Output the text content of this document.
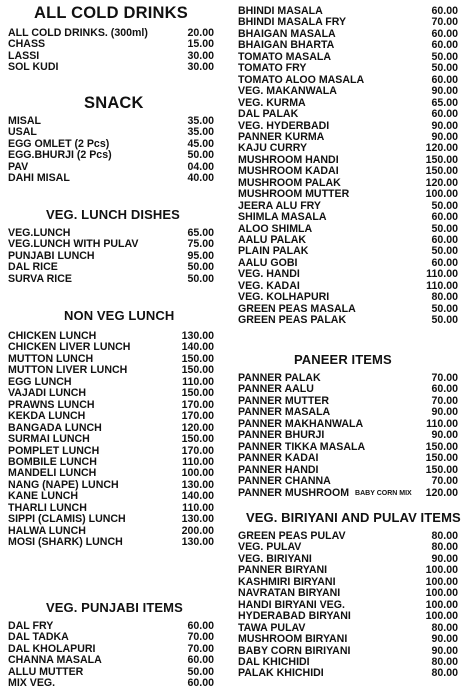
ALL COLD DRINKS
ALL COLD DRINKS. (300ml)	20.00
CHASS	15.00
LASSI	30.00
SOL KUDI	30.00
SNACK
MISAL	35.00
USAL	35.00
EGG OMLET (2 Pcs)	45.00
EGG.BHURJI (2 Pcs)	50.00
PAV	04.00
DAHI MISAL	40.00
VEG. LUNCH DISHES
VEG.LUNCH	65.00
VEG.LUNCH WITH PULAV	75.00
PUNJABI LUNCH	95.00
DAL RICE	50.00
SURVA RICE	50.00
NON VEG LUNCH
CHICKEN LUNCH	130.00
CHICKEN LIVER LUNCH	140.00
MUTTON LUNCH	150.00
MUTTON LIVER LUNCH	150.00
EGG LUNCH	110.00
VAJADI LUNCH	150.00
PRAWNS LUNCH	170.00
KEKDA LUNCH	170.00
BANGADA LUNCH	120.00
SURMAI LUNCH	150.00
POMPLET LUNCH	170.00
BOMBILE LUNCH	110.00
MANDELI LUNCH	100.00
NANG (NAPE) LUNCH	130.00
KANE LUNCH	140.00
THARLI LUNCH	110.00
SIPPI (CLAMIS) LUNCH	130.00
HALWA LUNCH	200.00
MOSI (SHARK) LUNCH	130.00
VEG. PUNJABI ITEMS
DAL FRY	60.00
DAL TADKA	70.00
DAL KHOLAPURI	70.00
CHANNA MASALA	60.00
ALLU MUTTER	50.00
MIX VEG.	60.00
BHINDI MASALA	60.00
BHINDI MASALA FRY	70.00
BHAIGAN MASALA	60.00
BHAIGAN BHARTA	60.00
TOMATO MASALA	50.00
TOMATO FRY	50.00
TOMATO ALOO MASALA	60.00
VEG. MAKANWALA	90.00
VEG. KURMA	65.00
DAL PALAK	60.00
VEG. HYDERBADI	90.00
PANNER KURMA	90.00
KAJU CURRY	120.00
MUSHROOM HANDI	150.00
MUSHROOM KADAI	150.00
MUSHROOM PALAK	120.00
MUSHROOM MUTTER	100.00
JEERA ALU FRY	50.00
SHIMLA MASALA	60.00
ALOO SHIMLA	50.00
AALU PALAK	60.00
PLAIN PALAK	50.00
AALU GOBI	60.00
VEG. HANDI	110.00
VEG. KADAI	110.00
VEG. KOLHAPURI	80.00
GREEN PEAS MASALA	50.00
GREEN PEAS PALAK	50.00
PANEER ITEMS
PANNER PALAK	70.00
PANNER AALU	60.00
PANNER MUTTER	70.00
PANNER MASALA	90.00
PANNER MAKHANWALA	110.00
PANNER BHURJI	90.00
PANNER TIKKA MASALA	150.00
PANNER KADAI	150.00
PANNER HANDI	150.00
PANNER CHANNA	70.00
PANNER MUSHROOM BABY CORN MIX 120.00
VEG. BIRIYANI AND PULAV ITEMS
GREEN PEAS PULAV	80.00
VEG. PULAV	80.00
VEG. BIRIYANI	90.00
PANNER BIRYANI	100.00
KASHMIRI BIRYANI	100.00
NAVRATAN BIRYANI	100.00
HANDI BIRYANI VEG.	100.00
HYDERABAD BIRYANI	100.00
TAWA PULAV	80.00
MUSHROOM BIRYANI	90.00
BABY CORN BIRIYANI	90.00
DAL KHICHIDI	80.00
PALAK KHICHIDI	80.00
